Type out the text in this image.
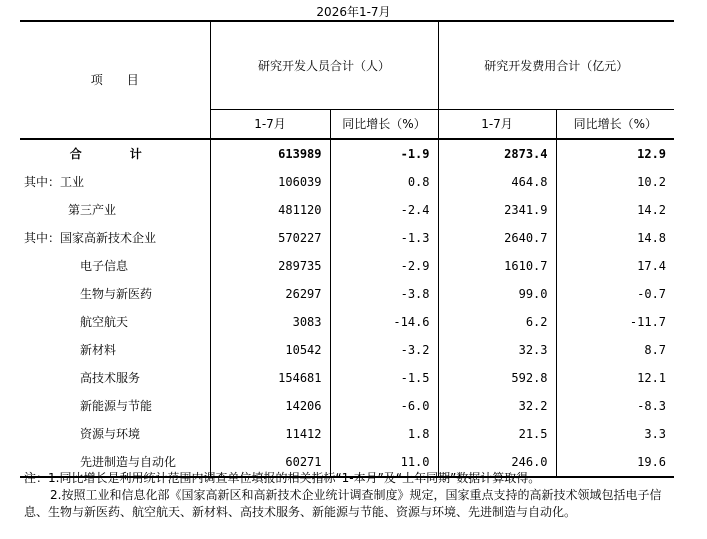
2026年1-7月
项　　目	研究开发人员合计（人）		研究开发费用合计（亿元）	
	1-7月	同比增长（%）	1-7月	同比增长（%）
合　计	613989	-1.9	2873.4	12.9
其中：工业	106039	0.8	464.8	10.2
第三产业	481120	-2.4	2341.9	14.2
其中：国家高新技术企业	570227	-1.3	2640.7	14.8
电子信息	289735	-2.9	1610.7	17.4
生物与新医药	26297	-3.8	99.0	-0.7
航空航天	3083	-14.6	6.2	-11.7
新材料	10542	-3.2	32.3	8.7
高技术服务	154681	-1.5	592.8	12.1
新能源与节能	14206	-6.0	32.2	-8.3
资源与环境	11412	1.8	21.5	3.3
先进制造与自动化	60271	11.0	246.0	19.6

注：1.同比增长是利用统计范围内调查单位填报的相关指标“1-本月”及“上年同期”数据计算取得。

2.按照工业和信息化部《国家高新区和高新技术企业统计调查制度》规定，国家重点支持的高新技术领域包括电子信息、生物与新医药、航空航天、新材料、高技术服务、新能源与节能、资源与环境、先进制造与自动化。
